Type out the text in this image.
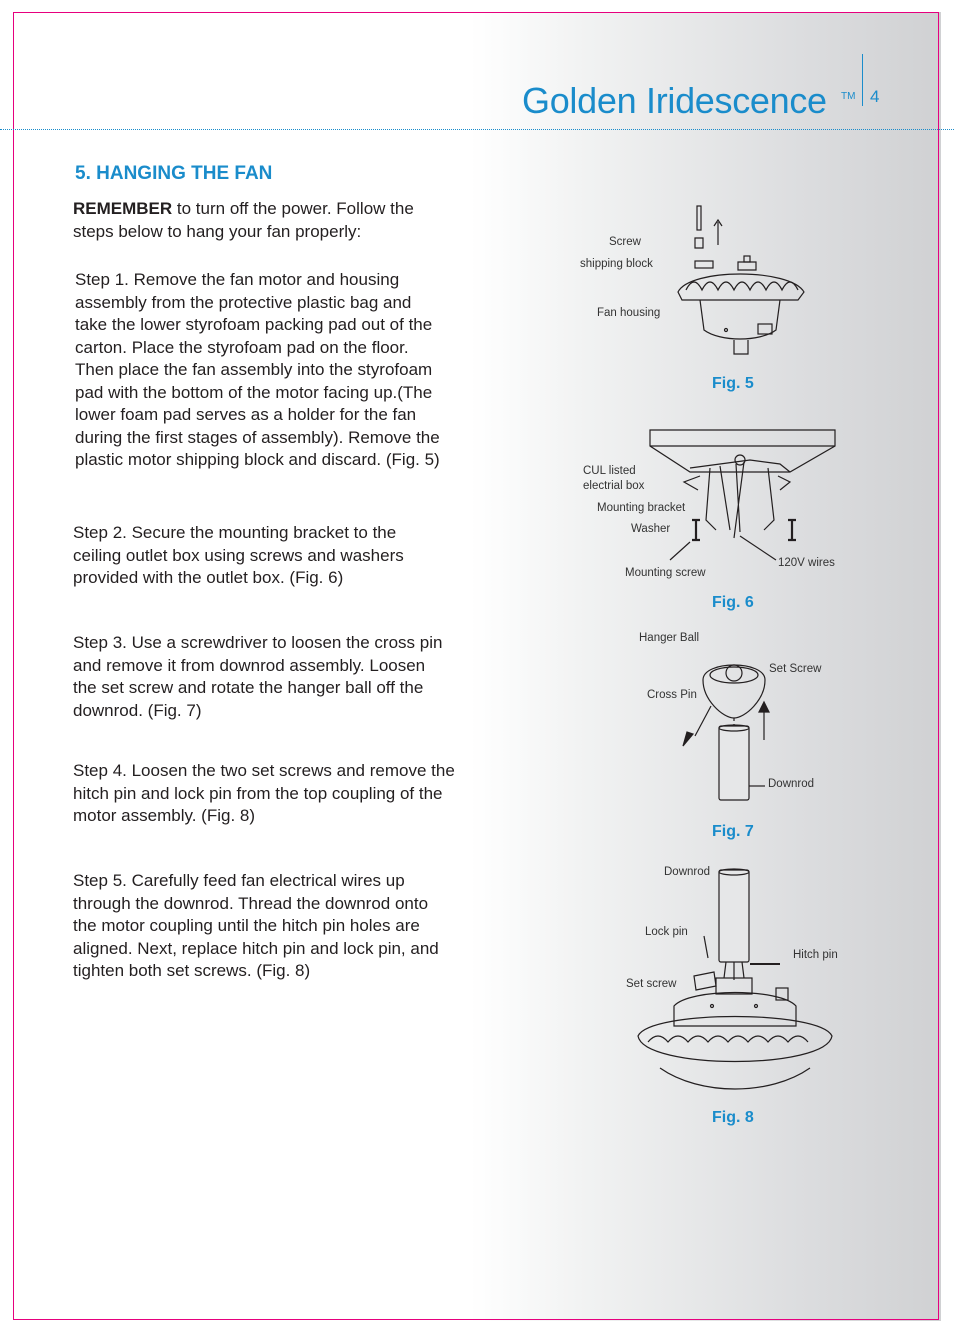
Golden Iridescence TM 4
5. HANGING THE FAN
REMEMBER to turn off the power. Follow the steps below to hang your fan properly:
Step 1. Remove the fan motor and housing assembly from the protective plastic bag and take the lower styrofoam packing pad out of the carton. Place the styrofoam pad on the floor. Then place the fan assembly into the styrofoam pad with the bottom of the motor facing up.(The lower foam pad serves as a holder for the fan during the first stages of assembly). Remove the plastic motor shipping block and discard. (Fig. 5)
Step 2. Secure the mounting bracket to the ceiling outlet box using screws and washers provided with the outlet box. (Fig. 6)
Step 3. Use a screwdriver to loosen the cross pin and remove it from downrod assembly. Loosen the set screw and rotate the hanger ball off the downrod. (Fig. 7)
Step 4. Loosen the two set screws and remove the hitch pin and lock pin from the top coupling of the motor assembly. (Fig. 8)
Step 5. Carefully feed fan electrical wires up through the downrod. Thread the downrod onto the motor coupling until the hitch pin holes are aligned. Next, replace hitch pin and lock pin, and tighten both set screws. (Fig. 8)
Screw
shipping block
Fan housing
Fig. 5
CUL listed
electrial box
Mounting bracket
Washer
Mounting screw
120V wires
Fig. 6
Hanger Ball
Set Screw
Cross Pin
Downrod
Fig. 7
Downrod
Lock pin
Hitch pin
Set screw
Fig. 8
